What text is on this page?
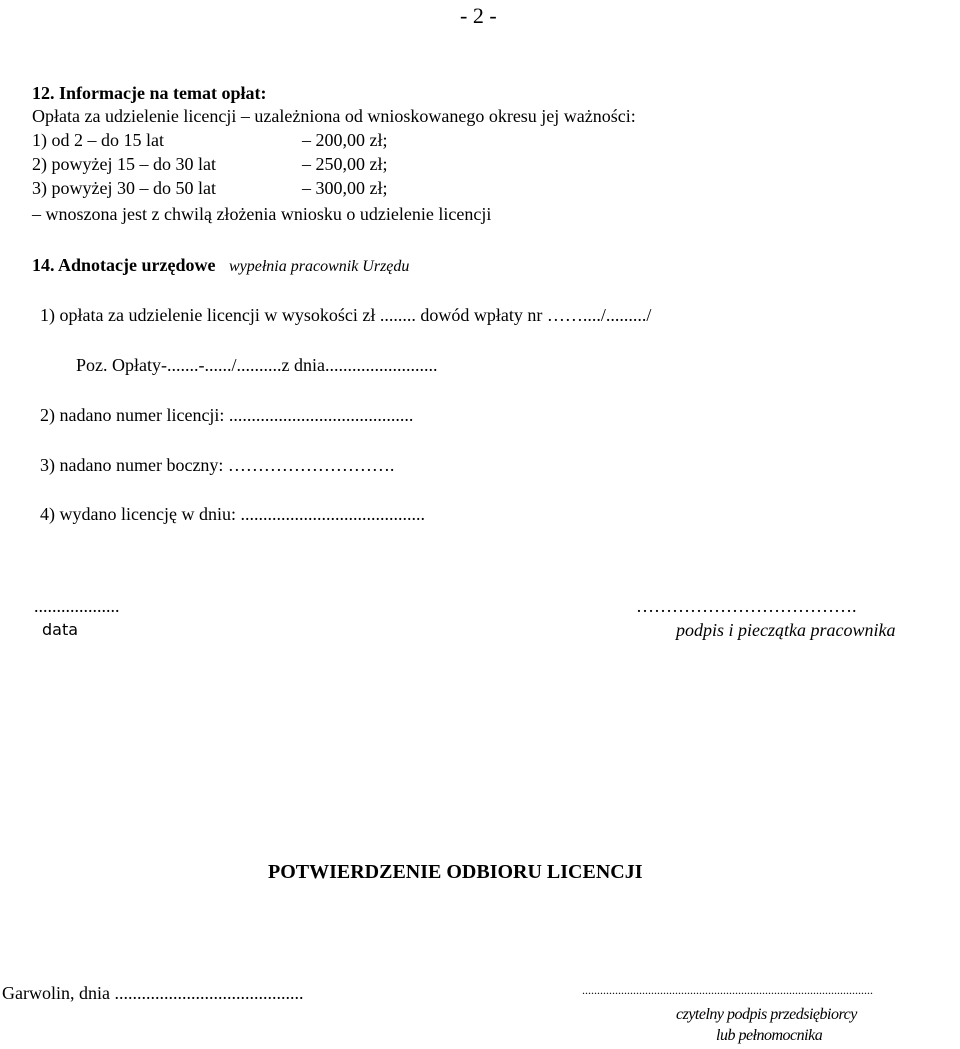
- 2 -
12. Informacje na temat opłat:
Opłata za udzielenie licencji – uzależniona od wnioskowanego okresu jej ważności:
1) od 2 – do 15 lat	– 200,00 zł;
2) powyżej 15 – do 30 lat	– 250,00 zł;
3) powyżej 30 – do 50 lat	– 300,00 zł;
– wnoszona jest z chwilą złożenia wniosku o udzielenie licencji
14. Adnotacje urzędowe wypełnia pracownik Urzędu
1) opłata za udzielenie licencji w wysokości zł ........ dowód wpłaty nr ……..../........./
Poz. Opłaty-.......-....../..........z dnia.........................
2) nadano numer licencji: .........................................
3) nadano numer boczny: ……………………….
4) wydano licencję w dniu: .........................................
...................
data
……………………………….
podpis i pieczątka pracownika
POTWIERDZENIE ODBIORU LICENCJI
Garwolin, dnia ..........................................	.................................................................................................
czytelny podpis przedsiębiorcy
lub pełnomocnika
